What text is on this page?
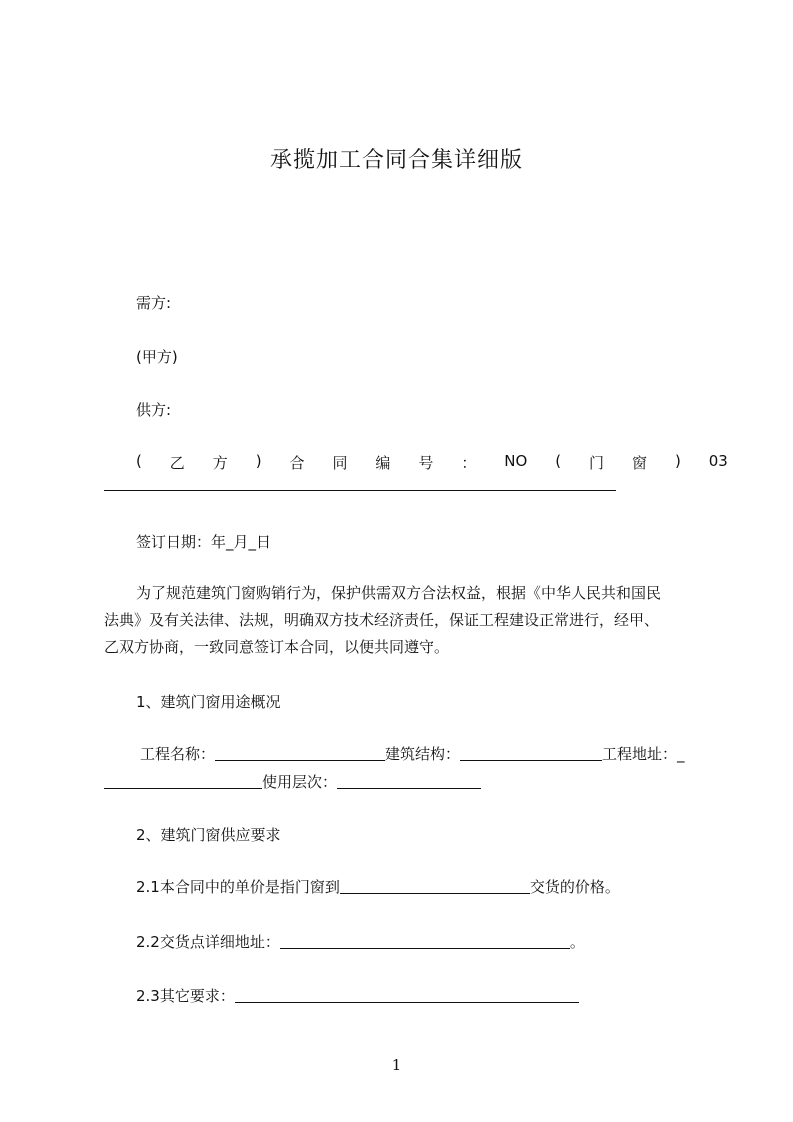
承揽加工合同合集详细版
需方:
(甲方)
供方:
( 乙 方 ) 合 同 编 号 ： NO ( 门 窗 ) 03
签订日期：年_月_日
为了规范建筑门窗购销行为，保护供需双方合法权益，根据《中华人民共和国民
法典》及有关法律、法规，明确双方技术经济责任，保证工程建设正常进行，经甲、
乙双方协商，一致同意签订本合同，以便共同遵守。
1、建筑门窗用途概况
工程名称：	建筑结构：	工程地址：_
使用层次：
2、建筑门窗供应要求
2.1本合同中的单价是指门窗到	交货的价格。
2.2交货点详细地址：	。
2.3其它要求：
1
